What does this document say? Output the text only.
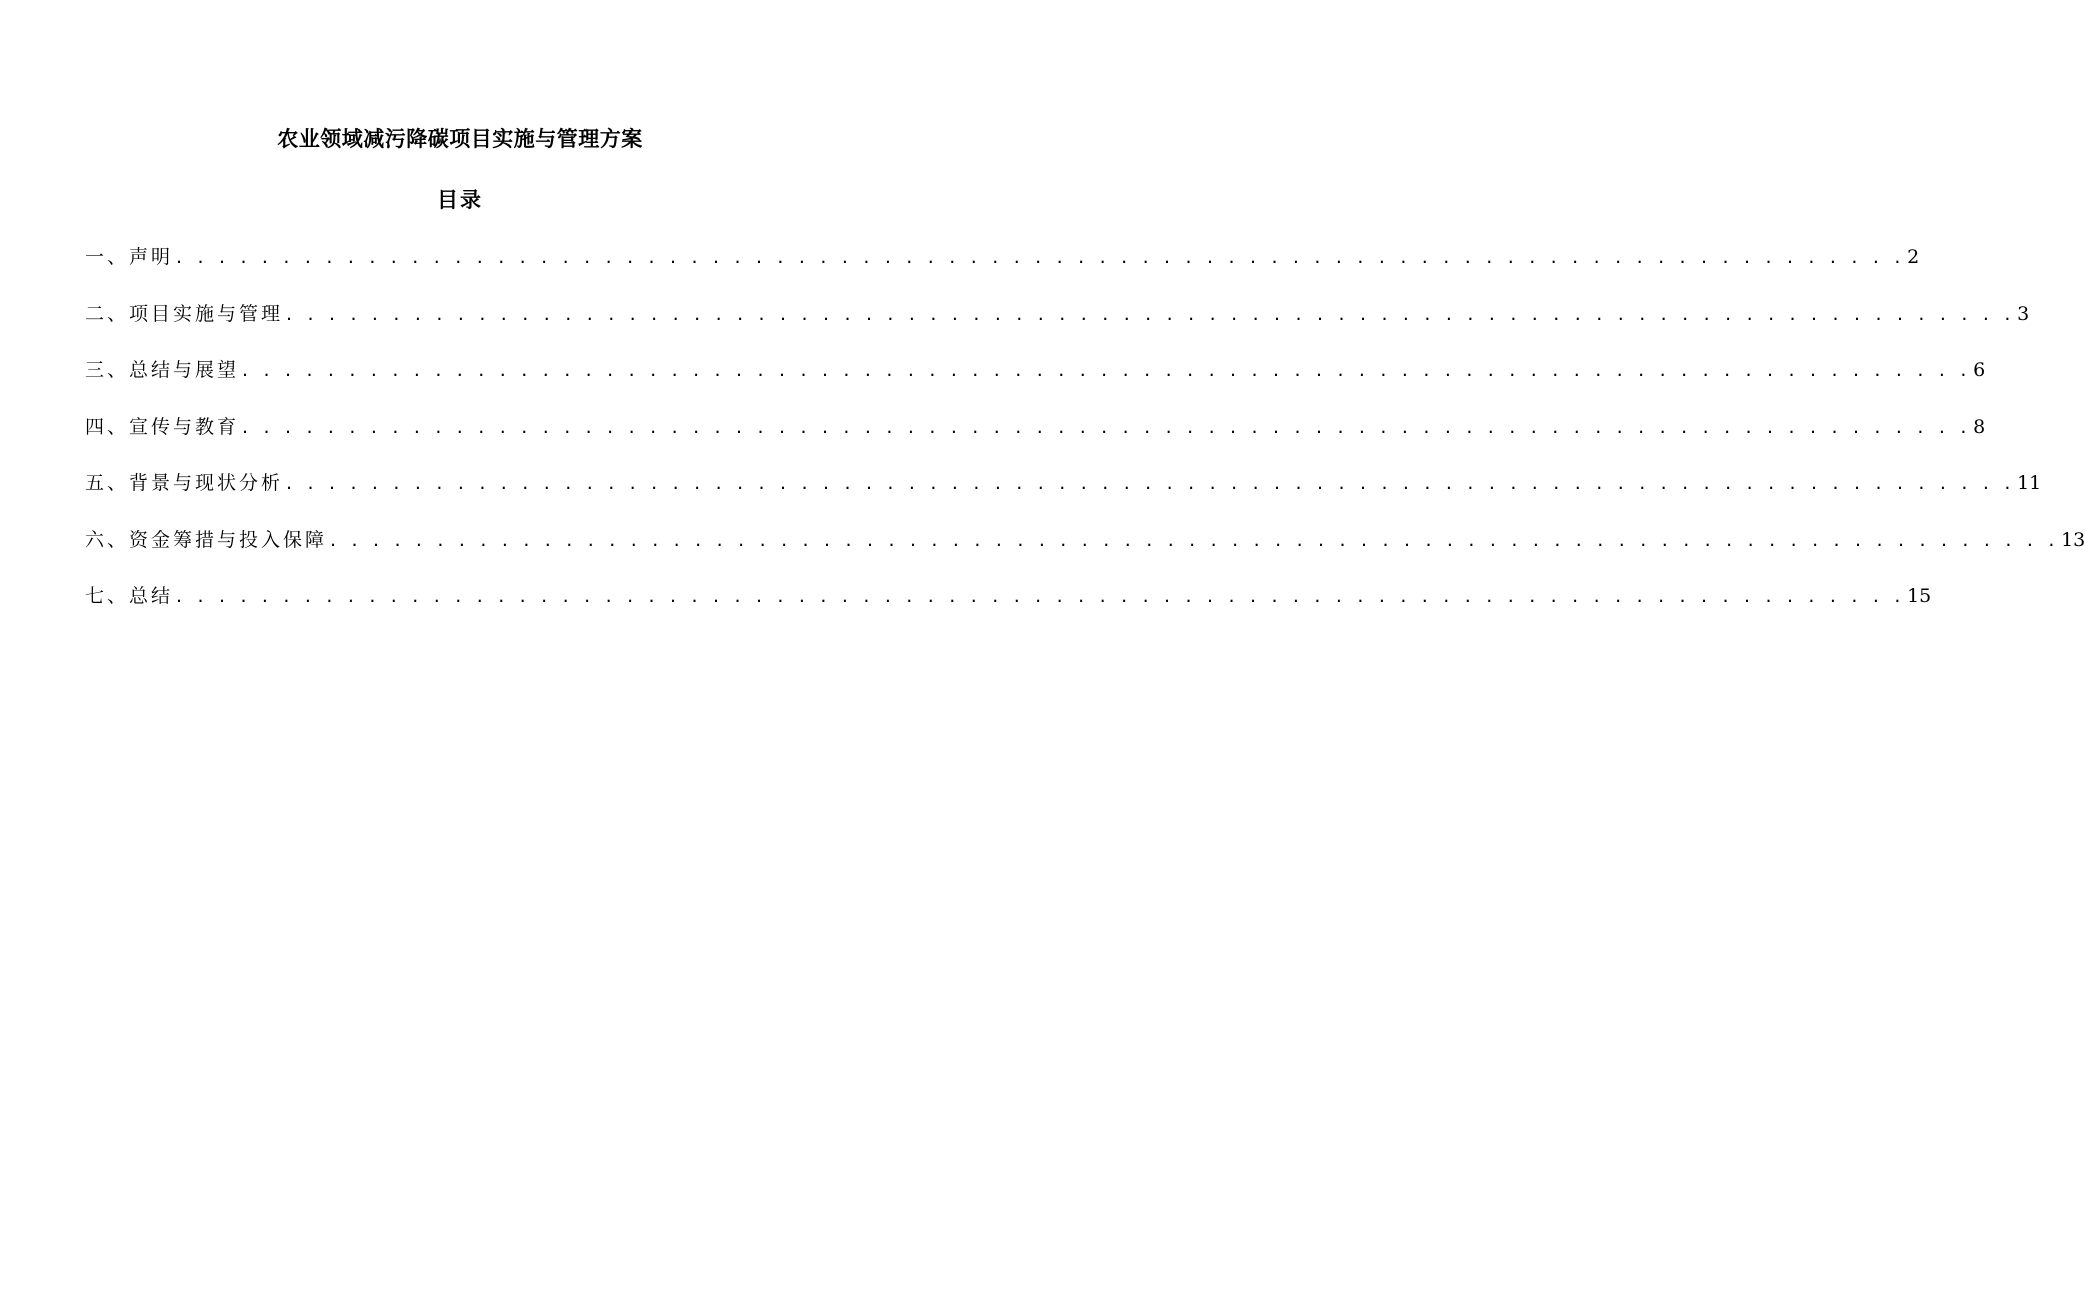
农业领域减污降碳项目实施与管理方案
目录
一、声明 . . . . . . . . . . . . . . . . . . . . . . . . . . . . . . . . . . . . . . . . . . . . . . . . . . . . . . . . . . . . . . . . . . . . . . . . . . . . . . . . . 2
二、项目实施与管理 . . . . . . . . . . . . . . . . . . . . . . . . . . . . . . . . . . . . . . . . . . . . . . . . . . . . . . . . . . . . . . . . . . . . . . . . . . . . . . . . . 3
三、总结与展望 . . . . . . . . . . . . . . . . . . . . . . . . . . . . . . . . . . . . . . . . . . . . . . . . . . . . . . . . . . . . . . . . . . . . . . . . . . . . . . . . . 6
四、宣传与教育 . . . . . . . . . . . . . . . . . . . . . . . . . . . . . . . . . . . . . . . . . . . . . . . . . . . . . . . . . . . . . . . . . . . . . . . . . . . . . . . . . 8
五、背景与现状分析 . . . . . . . . . . . . . . . . . . . . . . . . . . . . . . . . . . . . . . . . . . . . . . . . . . . . . . . . . . . . . . . . . . . . . . . . . . . . . . . . . 11
六、资金筹措与投入保障 . . . . . . . . . . . . . . . . . . . . . . . . . . . . . . . . . . . . . . . . . . . . . . . . . . . . . . . . . . . . . . . . . . . . . . . . . . . . . . . . . 13
七、总结 . . . . . . . . . . . . . . . . . . . . . . . . . . . . . . . . . . . . . . . . . . . . . . . . . . . . . . . . . . . . . . . . . . . . . . . . . . . . . . . . . 15
